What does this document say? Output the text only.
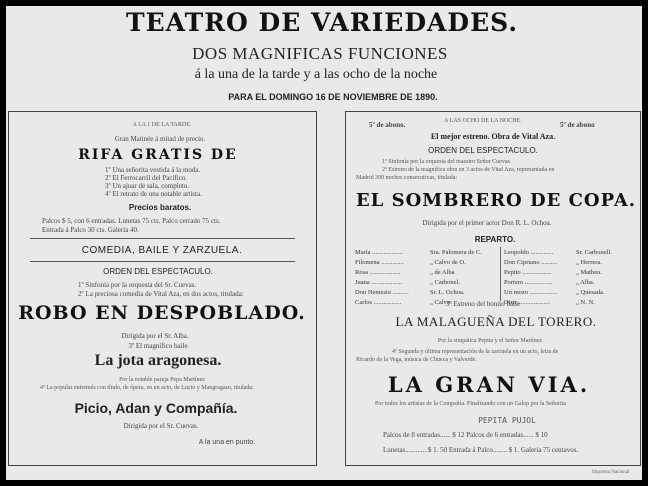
TEATRO DE VARIEDADES.
DOS MAGNIFICAS FUNCIONES
á la una de la tarde y a las ocho de la noche
PARA EL DOMINGO 16 DE NOVIEMBRE DE 1890.
A LA 1 DE LA TARDE.
Gran Matinée á mitad de precio.
RIFA GRATIS DE
1º Una señorita vestida á la moda.
2º El Ferrocarril del Pacífico.
3º Un ajuar de sala, completo.
4º El retrato de una notable artista.
Precios baratos.
Palcos $ 5, con 6 entradas. Lunetas 75 cts. Palco cerrado 75 cts.
Entrada á Palco 30 cts. Galería 40.
COMEDIA, BAILE Y ZARZUELA.
ORDEN DEL ESPECTACULO.
1º Sinfonía por la orquesta del Sr. Cuevas.
2º La preciosa comedia de Vital Aza, en dos actos, titulada:
ROBO EN DESPOBLADO.
Dirigida por el Sr. Alba.
3º El magnífico baile
La jota aragonesa.
Por la notable pareja Pepa Martínez
4º La popular entremés con título, de ópera, en un acto, de Lucio y Mangragaso, titulada:
Picio, Adan y Compañía.
Dirigida por el Sr. Cuevas.
A la una en punto.
5º de abono.	A LAS OCHO DE LA NOCHE.	5º de abono
El mejor estreno. Obra de Vital Aza.
ORDEN DEL ESPECTACULO.
1º Sinfonía por la orquesta del maestro Señor Cuevas.
2º Estreno de la magnífica obra en 3 actos de Vital Aza, representada en
Madrid 300 noches consecutivas, titulada:
EL SOMBRERO DE COPA.
Dirigida por el primer actor Don R. L. Ochoa.
REPARTO.
María ...................
Filomena ..............
Rosa ...................
Juana ...................
Don Nemesio ..........
Carlos .................
Sra. Palomera de C.
„ Calvo de O.
„ de Alba
„ Carbonel.
Sr. L. Ochoa.
„ Calvo.
Leopoldo ..............
Don Cipriano ..........
Pepito ..................
Portero .................
Un mozo .................
Otro ....................
Sr. Carbonell.
„ Herrera.
„ Matheu.
„ Alba.
„ Quesada.
„ N. N.
3º Estreno del bonito baile
LA MALAGUEÑA DEL TORERO.
Por la simpática Pepita y el Señor Martínez
4º Segunda y última representación de la zarzuela en un acto, letra de
Ricardo de la Vega, música de Chueca y Valverde.
LA GRAN VIA.
Por todos los artistas de la Compañía. Finalizando con un Galop por la Señorita
PEPITA PUJOL
Palcos de 8 entradas...... $ 12 Palcos de 6 entradas...... $ 10
Lunetas............ $ 1. 50 Entrada á Palco........ $ 1. Galería 75 centavos.
Imprenta Nacional
